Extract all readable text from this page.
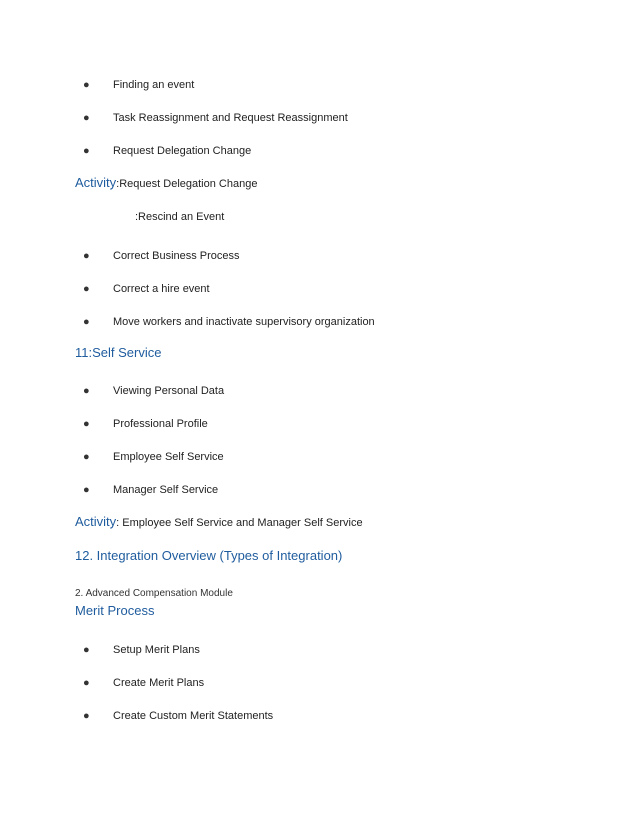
● Finding an event
● Task Reassignment and Request Reassignment
● Request Delegation Change
Activity:Request Delegation Change
:Rescind an Event
● Correct Business Process
● Correct a hire event
● Move workers and inactivate supervisory organization
11:Self Service
● Viewing Personal Data
● Professional Profile
● Employee Self Service
● Manager Self Service
Activity: Employee Self Service and Manager Self Service
12. Integration Overview (Types of Integration)
2. Advanced Compensation Module
Merit Process
● Setup Merit Plans
● Create Merit Plans
● Create Custom Merit Statements
